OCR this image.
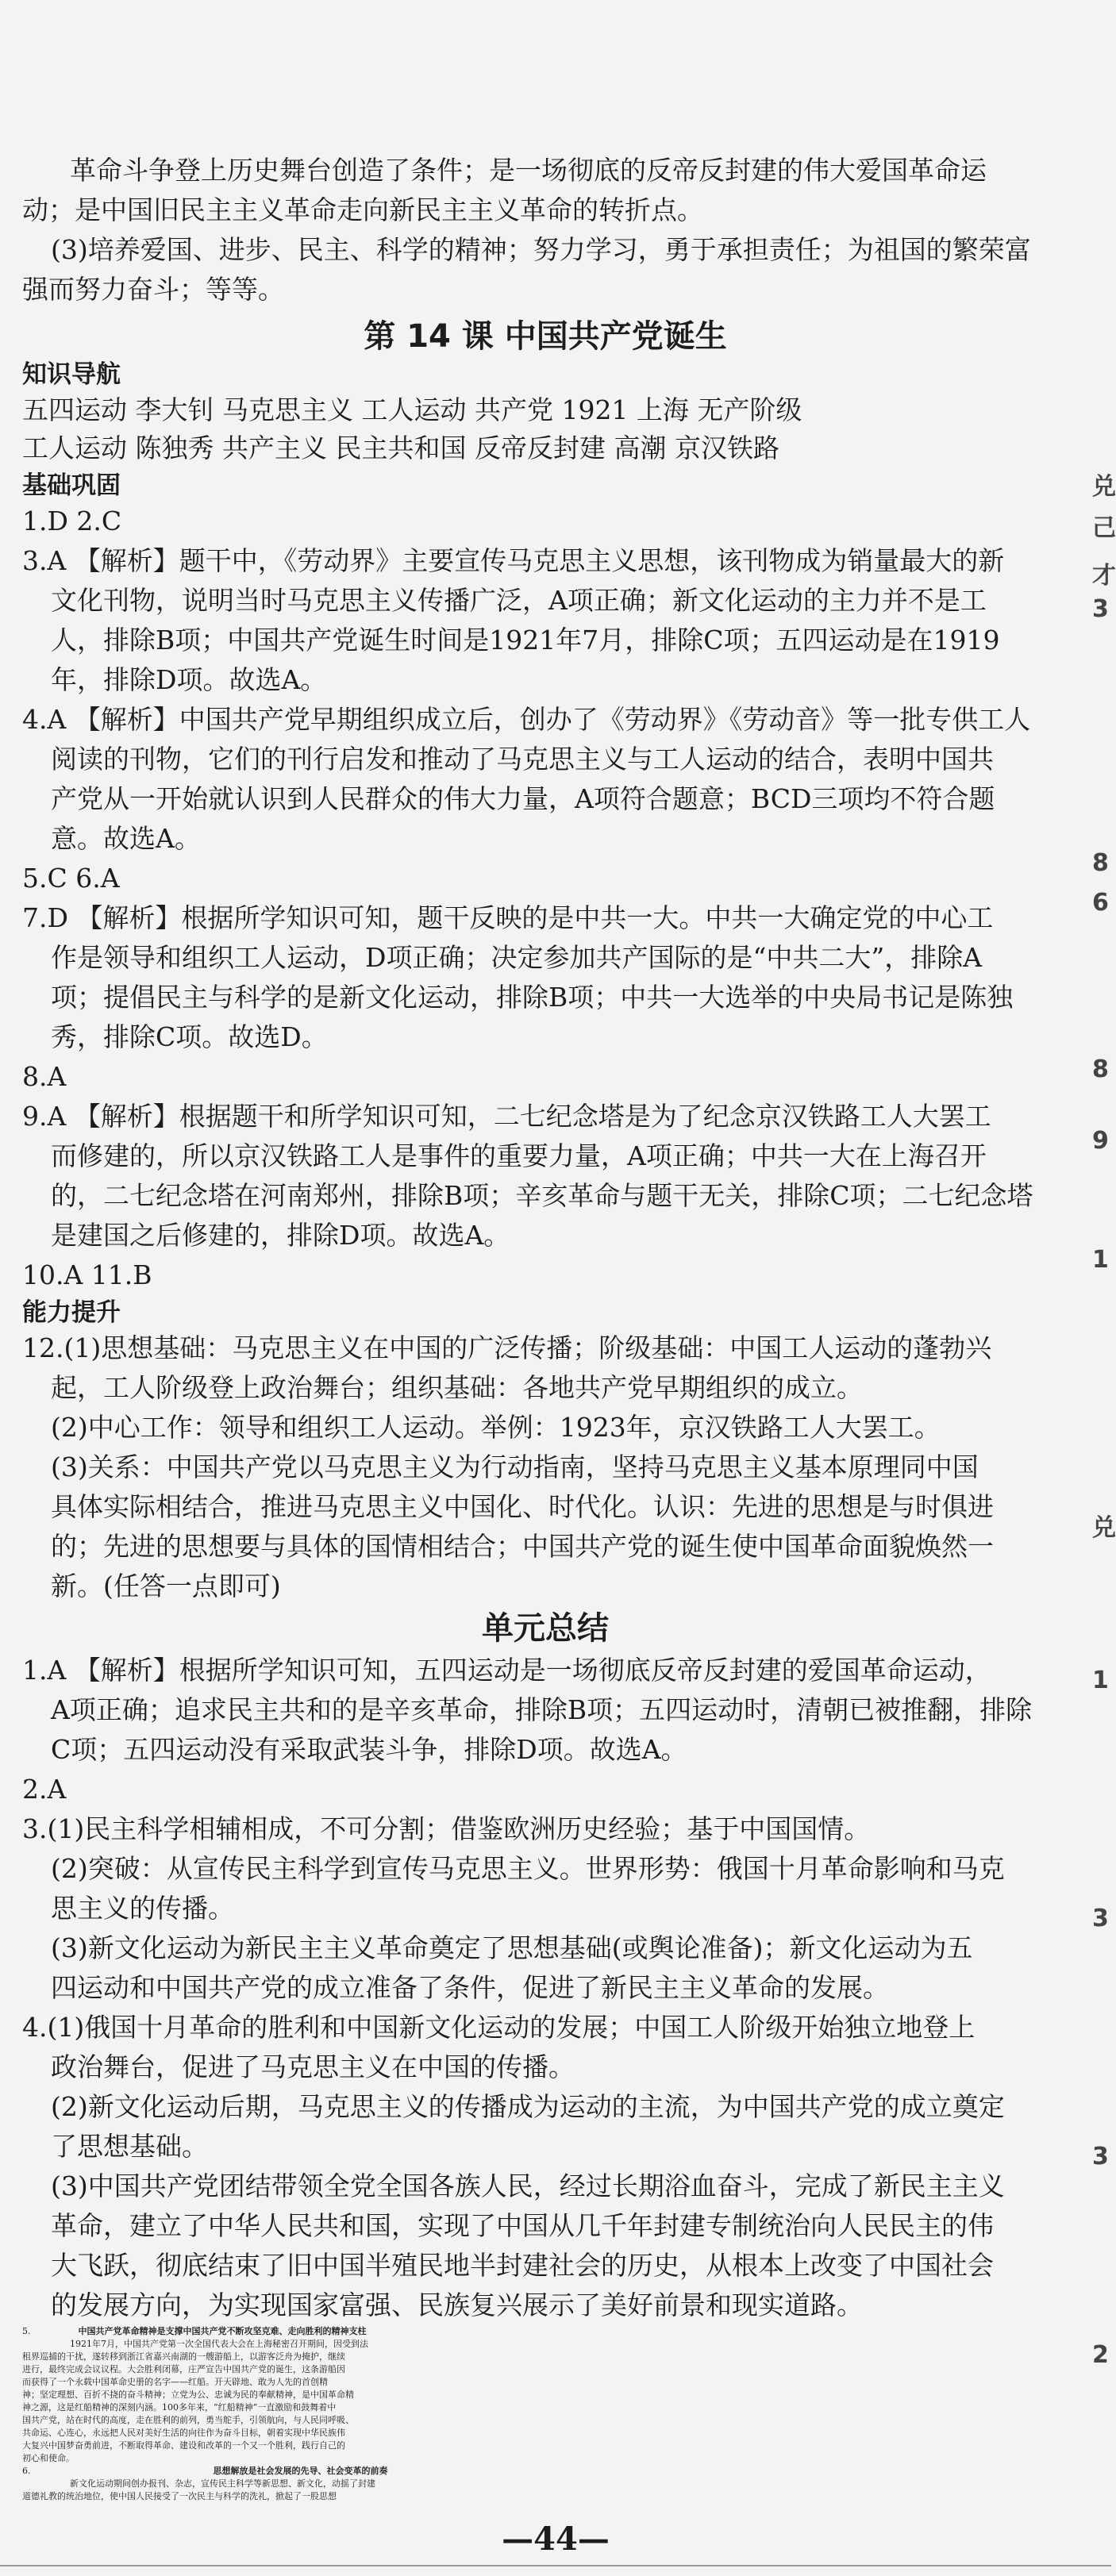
革命斗争登上历史舞台创造了条件；是一场彻底的反帝反封建的伟大爱国革命运
动；是中国旧民主主义革命走向新民主主义革命的转折点。
(3)培养爱国、进步、民主、科学的精神；努力学习，勇于承担责任；为祖国的繁荣富
强而努力奋斗；等等。
第 14 课 中国共产党诞生
知识导航
五四运动 李大钊 马克思主义 工人运动 共产党 1921 上海 无产阶级
工人运动 陈独秀 共产主义 民主共和国 反帝反封建 高潮 京汉铁路
基础巩固
1.D 2.C
3.A 【解析】题干中，《劳动界》主要宣传马克思主义思想，该刊物成为销量最大的新
文化刊物，说明当时马克思主义传播广泛，A项正确；新文化运动的主力并不是工
人，排除B项；中国共产党诞生时间是1921年7月，排除C项；五四运动是在1919
年，排除D项。故选A。
4.A 【解析】中国共产党早期组织成立后，创办了《劳动界》《劳动音》等一批专供工人
阅读的刊物，它们的刊行启发和推动了马克思主义与工人运动的结合，表明中国共
产党从一开始就认识到人民群众的伟大力量，A项符合题意；BCD三项均不符合题
意。故选A。
5.C 6.A
7.D 【解析】根据所学知识可知，题干反映的是中共一大。中共一大确定党的中心工
作是领导和组织工人运动，D项正确；决定参加共产国际的是“中共二大”，排除A
项；提倡民主与科学的是新文化运动，排除B项；中共一大选举的中央局书记是陈独
秀，排除C项。故选D。
8.A
9.A 【解析】根据题干和所学知识可知，二七纪念塔是为了纪念京汉铁路工人大罢工
而修建的，所以京汉铁路工人是事件的重要力量，A项正确；中共一大在上海召开
的，二七纪念塔在河南郑州，排除B项；辛亥革命与题干无关，排除C项；二七纪念塔
是建国之后修建的，排除D项。故选A。
10.A 11.B
能力提升
12.(1)思想基础：马克思主义在中国的广泛传播；阶级基础：中国工人运动的蓬勃兴
起，工人阶级登上政治舞台；组织基础：各地共产党早期组织的成立。
(2)中心工作：领导和组织工人运动。举例：1923年，京汉铁路工人大罢工。
(3)关系：中国共产党以马克思主义为行动指南，坚持马克思主义基本原理同中国
具体实际相结合，推进马克思主义中国化、时代化。认识：先进的思想是与时俱进
的；先进的思想要与具体的国情相结合；中国共产党的诞生使中国革命面貌焕然一
新。(任答一点即可)
单元总结
1.A 【解析】根据所学知识可知，五四运动是一场彻底反帝反封建的爱国革命运动，
A项正确；追求民主共和的是辛亥革命，排除B项；五四运动时，清朝已被推翻，排除
C项；五四运动没有采取武装斗争，排除D项。故选A。
2.A
3.(1)民主科学相辅相成，不可分割；借鉴欧洲历史经验；基于中国国情。
(2)突破：从宣传民主科学到宣传马克思主义。世界形势：俄国十月革命影响和马克
思主义的传播。
(3)新文化运动为新民主主义革命奠定了思想基础(或舆论准备)；新文化运动为五
四运动和中国共产党的成立准备了条件，促进了新民主主义革命的发展。
4.(1)俄国十月革命的胜利和中国新文化运动的发展；中国工人阶级开始独立地登上
政治舞台，促进了马克思主义在中国的传播。
(2)新文化运动后期，马克思主义的传播成为运动的主流，为中国共产党的成立奠定
了思想基础。
(3)中国共产党团结带领全党全国各族人民，经过长期浴血奋斗，完成了新民主主义
革命，建立了中华人民共和国，实现了中国从几千年封建专制统治向人民民主的伟
大飞跃，彻底结束了旧中国半殖民地半封建社会的历史，从根本上改变了中国社会
的发展方向，为实现国家富强、民族复兴展示了美好前景和现实道路。
5.	中国共产党革命精神是支撑中国共产党不断攻坚克难、走向胜利的精神支柱
1921年7月，中国共产党第一次全国代表大会在上海秘密召开期间，因受到法
租界巡捕的干扰，遂转移到浙江省嘉兴南湖的一艘游船上，以游客泛舟为掩护，继续
进行，最终完成会议议程。大会胜利闭幕，庄严宣告中国共产党的诞生，这条游船因
而获得了一个永载中国革命史册的名字——红船。开天辟地、敢为人先的首创精
神；坚定理想、百折不挠的奋斗精神；立党为公、忠诚为民的奉献精神，是中国革命精
神之源，这是红船精神的深刻内涵。100多年来，“红船精神”一直激励和鼓舞着中
国共产党，站在时代的高度，走在胜利的前列，勇当舵手，引领航向，与人民同呼吸、
共命运、心连心，永远把人民对美好生活的向往作为奋斗目标，朝着实现中华民族伟
大复兴中国梦奋勇前进，不断取得革命、建设和改革的一个又一个胜利，践行自己的
初心和使命。
6.	思想解放是社会发展的先导、社会变革的前奏
新文化运动期间创办报刊、杂志，宣传民主科学等新思想、新文化，动摇了封建
道德礼教的统治地位，使中国人民接受了一次民主与科学的洗礼，掀起了一股思想
—44—
兑
己
才
3
8
6
8
9
1
兑
1
3
3
2
